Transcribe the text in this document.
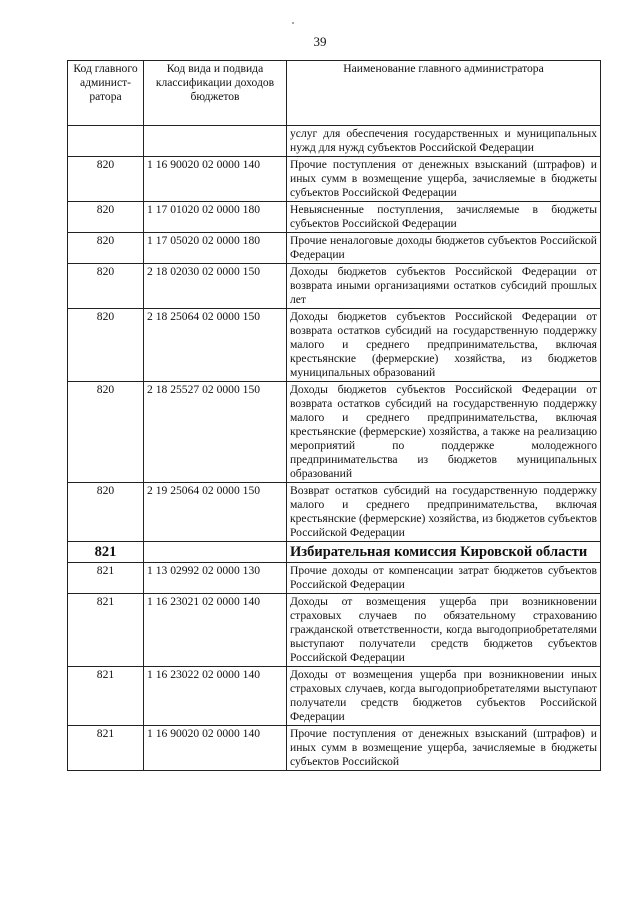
39
Код главного админист-ратора	Код вида и подвида классификации доходов бюджетов	Наименование главного администратора
		услуг для обеспечения государственных и муниципальных нужд для нужд субъектов Российской Федерации
820	1 16 90020 02 0000 140	Прочие поступления от денежных взысканий (штрафов) и иных сумм в возмещение ущерба, зачисляемые в бюджеты субъектов Российской Федерации
820	1 17 01020 02 0000 180	Невыясненные поступления, зачисляемые в бюджеты субъектов Российской Федерации
820	1 17 05020 02 0000 180	Прочие неналоговые доходы бюджетов субъектов Российской Федерации
820	2 18 02030 02 0000 150	Доходы бюджетов субъектов Российской Федерации от возврата иными организациями остатков субсидий прошлых лет
820	2 18 25064 02 0000 150	Доходы бюджетов субъектов Российской Федерации от возврата остатков субсидий на государственную поддержку малого и среднего предпринимательства, включая крестьянские (фермерские) хозяйства, из бюджетов муниципальных образований
820	2 18 25527 02 0000 150	Доходы бюджетов субъектов Российской Федерации от возврата остатков субсидий на государственную поддержку малого и среднего предпринимательства, включая крестьянские (фермерские) хозяйства, а также на реализацию мероприятий по поддержке молодежного предпринимательства из бюджетов муниципальных образований
820	2 19 25064 02 0000 150	Возврат остатков субсидий на государственную поддержку малого и среднего предпринимательства, включая крестьянские (фермерские) хозяйства, из бюджетов субъектов Российской Федерации
821		Избирательная комиссия Кировской области
821	1 13 02992 02 0000 130	Прочие доходы от компенсации затрат бюджетов субъектов Российской Федерации
821	1 16 23021 02 0000 140	Доходы от возмещения ущерба при возникновении страховых случаев по обязательному страхованию гражданской ответственности, когда выгодоприобретателями выступают получатели средств бюджетов субъектов Российской Федерации
821	1 16 23022 02 0000 140	Доходы от возмещения ущерба при возникновении иных страховых случаев, когда выгодоприобретателями выступают получатели средств бюджетов субъектов Российской Федерации
821	1 16 90020 02 0000 140	Прочие поступления от денежных взысканий (штрафов) и иных сумм в возмещение ущерба, зачисляемые в бюджеты субъектов Российской
